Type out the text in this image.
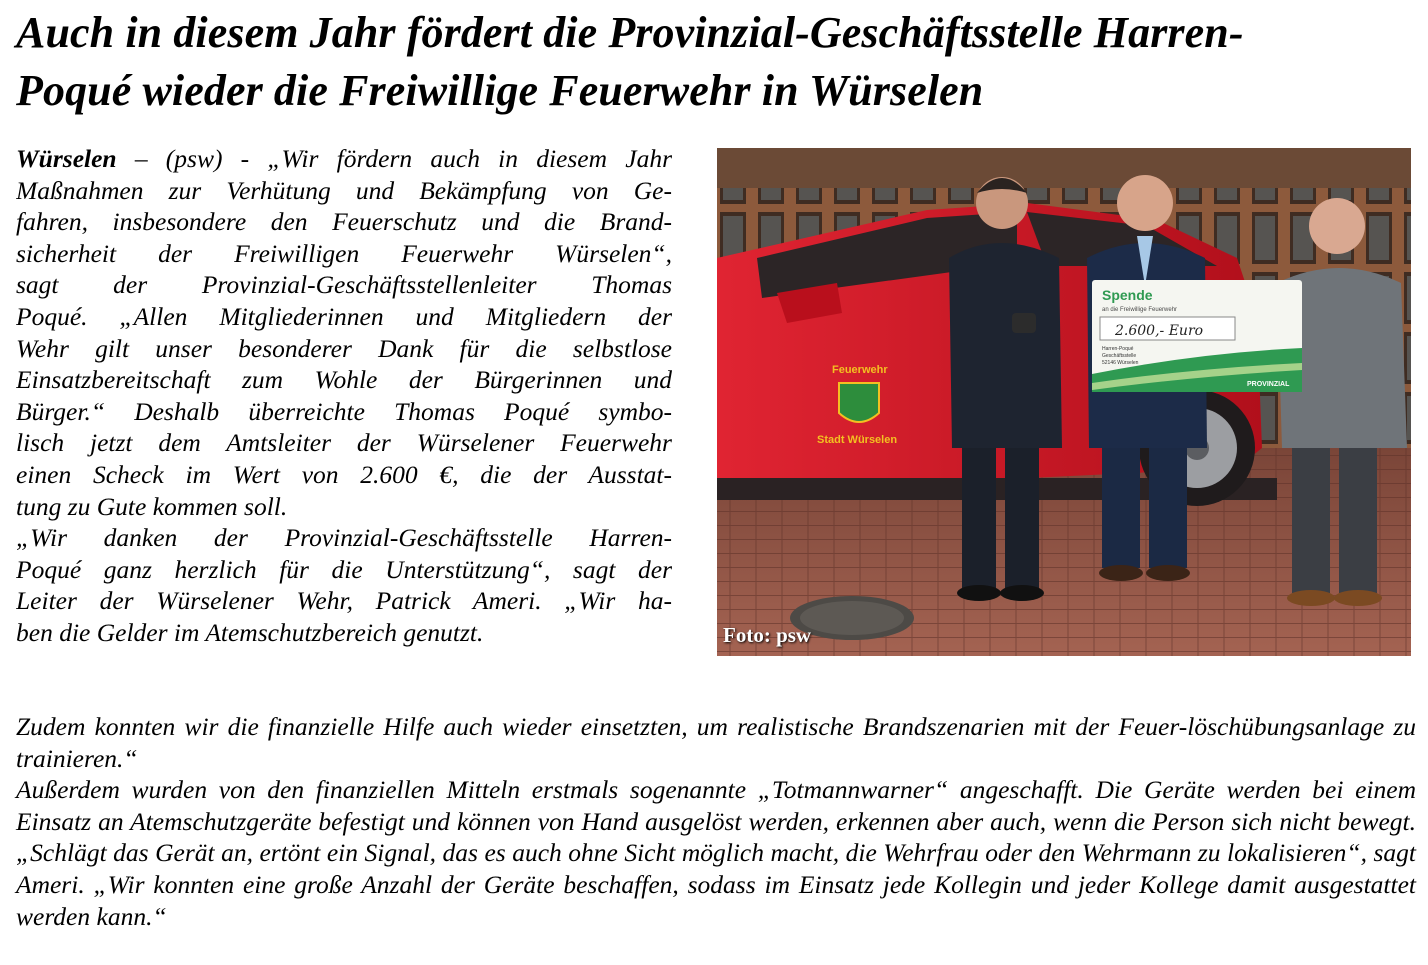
Auch in diesem Jahr fördert die Provinzial-Geschäftsstelle Harren-
Poqué wieder die Freiwillige Feuerwehr in Würselen
Würselen – (psw) - „Wir fördern auch in diesem Jahr
Maßnahmen zur Verhütung und Bekämpfung von Ge-
fahren, insbesondere den Feuerschutz und die Brand-
sicherheit der Freiwilligen Feuerwehr Würselen“,
sagt der Provinzial-Geschäftsstellenleiter Thomas
Poqué. „Allen Mitgliederinnen und Mitgliedern der
Wehr gilt unser besonderer Dank für die selbstlose
Einsatzbereitschaft zum Wohle der Bürgerinnen und
Bürger.“ Deshalb überreichte Thomas Poqué symbo-
lisch jetzt dem Amtsleiter der Würselener Feuerwehr
einen Scheck im Wert von 2.600 €, die der Ausstat-
tung zu Gute kommen soll.
„Wir danken der Provinzial-Geschäftsstelle Harren-
Poqué ganz herzlich für die Unterstützung“, sagt der
Leiter der Würselener Wehr, Patrick Ameri. „Wir ha-
ben die Gelder im Atemschutzbereich genutzt.

Zudem konnten wir die finanzielle Hilfe auch wieder einsetzten, um realistische Brandszenarien mit der Feuer-löschübungsanlage zu trainieren.“

Außerdem wurden von den finanziellen Mitteln erstmals sogenannte „Totmannwarner“ angeschafft. Die Geräte werden bei einem Einsatz an Atemschutzgeräte befestigt und können von Hand ausgelöst werden, erkennen aber auch, wenn die Person sich nicht bewegt. „Schlägt das Gerät an, ertönt ein Signal, das es auch ohne Sicht möglich macht, die Wehrfrau oder den Wehrmann zu lokalisieren“, sagt Ameri. „Wir konnten eine große Anzahl der Geräte beschaffen, sodass im Einsatz jede Kollegin und jeder Kollege damit ausgestattet werden kann.“

Feuerwehr
Stadt Würselen
Spende
an die Freiwillige Feuerwehr
2.600,- Euro
Harren-Poqué
Geschäftsstelle
52146 Würselen
PROVINZIAL
Foto: psw
